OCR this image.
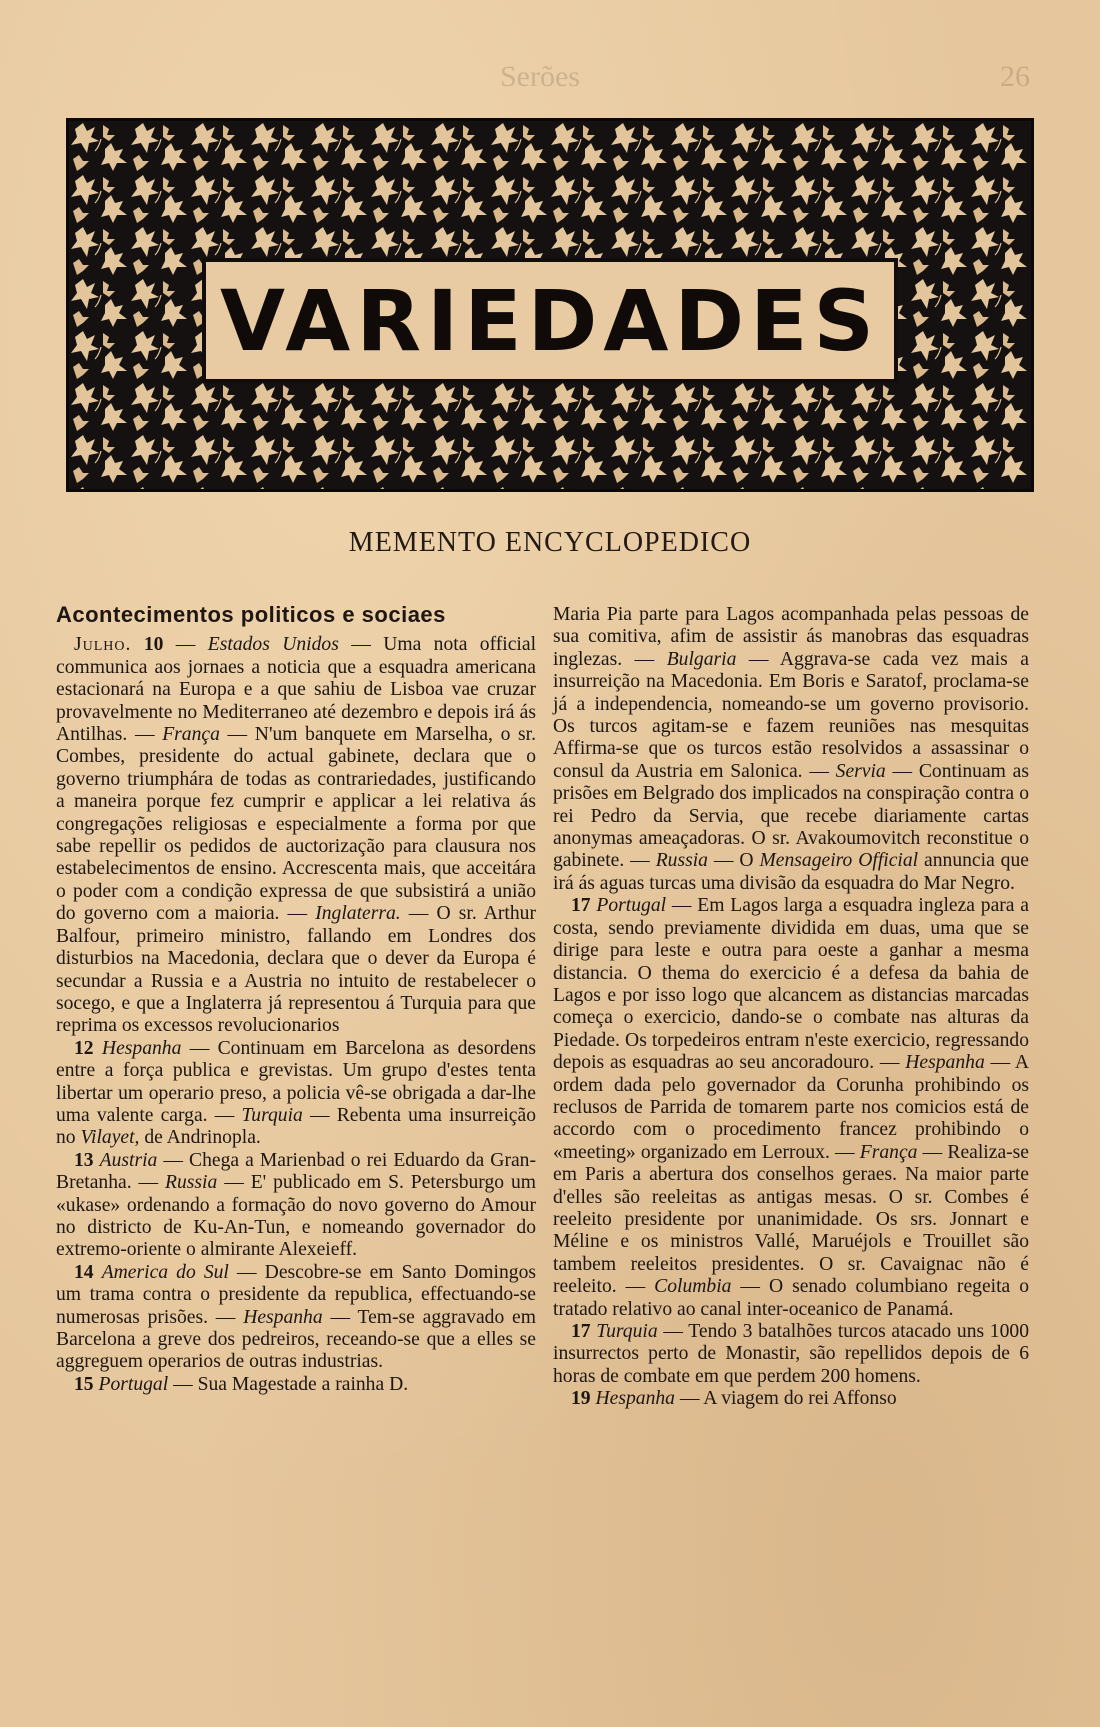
Serões	26
VARIEDADES
MEMENTO ENCYCLOPEDICO
Acontecimentos politicos e sociaes

Julho. 10 — Estados Unidos — Uma nota official communica aos jornaes a noticia que a esquadra americana estacionará na Europa e a que sahiu de Lisboa vae cruzar provavelmente no Mediterraneo até dezembro e depois irá ás Antilhas. — França — N'um banquete em Marselha, o sr. Combes, presidente do actual gabinete, declara que o governo triumphára de todas as contrariedades, justificando a maneira porque fez cumprir e applicar a lei relativa ás congregações religiosas e especialmente a forma por que sabe repellir os pedidos de auctorização para clausura nos estabelecimentos de ensino. Accrescenta mais, que acceitára o poder com a condição expressa de que subsistirá a união do governo com a maioria. — Inglaterra. — O sr. Arthur Balfour, primeiro ministro, fallando em Londres dos disturbios na Macedonia, declara que o dever da Europa é secundar a Russia e a Austria no intuito de restabelecer o socego, e que a Inglaterra já representou á Turquia para que reprima os excessos revolucionarios

12 Hespanha — Continuam em Barcelona as desordens entre a força publica e grevistas. Um grupo d'estes tenta libertar um operario preso, a policia vê-se obrigada a dar-lhe uma valente carga. — Turquia — Rebenta uma insurreição no Vilayet, de Andrinopla.

13 Austria — Chega a Marienbad o rei Eduardo da Gran-Bretanha. — Russia — E' publicado em S. Petersburgo um «ukase» ordenando a formação do novo governo do Amour no districto de Ku-An-Tun, e nomeando governador do extremo-oriente o almirante Alexeieff.

14 America do Sul — Descobre-se em Santo Domingos um trama contra o presidente da republica, effectuando-se numerosas prisões. — Hespanha — Tem-se aggravado em Barcelona a greve dos pedreiros, receando-se que a elles se aggreguem operarios de outras industrias.

15 Portugal — Sua Magestade a rainha D.

Maria Pia parte para Lagos acompanhada pelas pessoas de sua comitiva, afim de assistir ás manobras das esquadras inglezas. — Bulgaria — Aggrava-se cada vez mais a insurreição na Macedonia. Em Boris e Saratof, proclama-se já a independencia, nomeando-se um governo provisorio. Os turcos agitam-se e fazem reuniões nas mesquitas Affirma-se que os turcos estão resolvidos a assassinar o consul da Austria em Salonica. — Servia — Continuam as prisões em Belgrado dos implicados na conspiração contra o rei Pedro da Servia, que recebe diariamente cartas anonymas ameaçadoras. O sr. Avakoumovitch reconstitue o gabinete. — Russia — O Mensageiro Official annuncia que irá ás aguas turcas uma divisão da esquadra do Mar Negro.

17 Portugal — Em Lagos larga a esquadra ingleza para a costa, sendo previamente dividida em duas, uma que se dirige para leste e outra para oeste a ganhar a mesma distancia. O thema do exercicio é a defesa da bahia de Lagos e por isso logo que alcancem as distancias marcadas começa o exercicio, dando-se o combate nas alturas da Piedade. Os torpedeiros entram n'este exercicio, regressando depois as esquadras ao seu ancoradouro. — Hespanha — A ordem dada pelo governador da Corunha prohibindo os reclusos de Parrida de tomarem parte nos comicios está de accordo com o procedimento francez prohibindo o «meeting» organizado em Lerroux. — França — Realiza-se em Paris a abertura dos conselhos geraes. Na maior parte d'elles são reeleitas as antigas mesas. O sr. Combes é reeleito presidente por unanimidade. Os srs. Jonnart e Méline e os ministros Vallé, Maruéjols e Trouillet são tambem reeleitos presidentes. O sr. Cavaignac não é reeleito. — Columbia — O senado columbiano regeita o tratado relativo ao canal inter-oceanico de Panamá.

17 Turquia — Tendo 3 batalhões turcos atacado uns 1000 insurrectos perto de Monastir, são repellidos depois de 6 horas de combate em que perdem 200 homens.

19 Hespanha — A viagem do rei Affonso
